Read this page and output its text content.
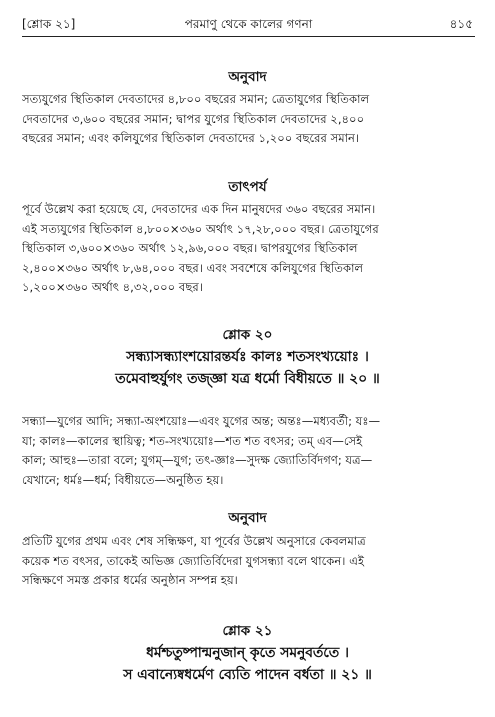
[শ্লোক ২১]	পরমাণু থেকে কালের গণনা	৪১৫
অনুবাদ
সত্যযুগের স্থিতিকাল দেবতাদের ৪,৮০০ বছরের সমান; ত্রেতাযুগের স্থিতিকাল
দেবতাদের ৩,৬০০ বছরের সমান; দ্বাপর যুগের স্থিতিকাল দেবতাদের ২,৪০০
বছরের সমান; এবং কলিযুগের স্থিতিকাল দেবতাদের ১,২০০ বছরের সমান।
তাৎপর্য
পূর্বে উল্লেখ করা হয়েছে যে, দেবতাদের এক দিন মানুষদের ৩৬০ বছরের সমান।
এই সত্যযুগের স্থিতিকাল ৪,৮০০×৩৬০ অর্থাৎ ১৭,২৮,০০০ বছর। ত্রেতাযুগের
স্থিতিকাল ৩,৬০০×৩৬০ অর্থাৎ ১২,৯৬,০০০ বছর। দ্বাপরযুগের স্থিতিকাল
২,৪০০×৩৬০ অর্থাৎ ৮,৬৪,০০০ বছর। এবং সবশেষে কলিযুগের স্থিতিকাল
১,২০০×৩৬০ অর্থাৎ ৪,৩২,০০০ বছর।
শ্লোক ২০
সন্ধ্যাসন্ধ্যাংশয়োরন্তর্যঃ কালঃ শতসংখ্যয়োঃ ।
তমেবাহুর্যুগং তজ্জ্ঞা যত্র ধর্মো বিধীয়তে ॥ ২০ ॥
সন্ধ্যা—যুগের আদি; সন্ধ্যা-অংশয়োঃ—এবং যুগের অন্ত; অন্তঃ—মধ্যবর্তী; যঃ—
যা; কালঃ—কালের স্থায়িত্ব; শত-সংখ্যয়োঃ—শত শত বৎসর; তম্ এব—সেই
কাল; আহুঃ—তারা বলে; যুগম্—যুগ; তৎ-জ্ঞাঃ—সুদক্ষ জ্যোতির্বিদগণ; যত্র—
যেখানে; ধর্মঃ—ধর্ম; বিধীয়তে—অনুষ্ঠিত হয়।
অনুবাদ
প্রতিটি যুগের প্রথম এবং শেষ সন্ধিক্ষণ, যা পূর্বের উল্লেখ অনুসারে কেবলমাত্র
কয়েক শত বৎসর, তাকেই অভিজ্ঞ জ্যোতির্বিদেরা যুগসন্ধ্যা বলে থাকেন। এই
সন্ধিক্ষণে সমস্ত প্রকার ধর্মের অনুষ্ঠান সম্পন্ন হয়।
শ্লোক ২১
ধর্মশ্চতুষ্পান্মনুজান্ কৃতে সমনুবর্ততে ।
স এবান্যেষ্বধর্মেণ ব্যেতি পাদেন বর্ধতা ॥ ২১ ॥
